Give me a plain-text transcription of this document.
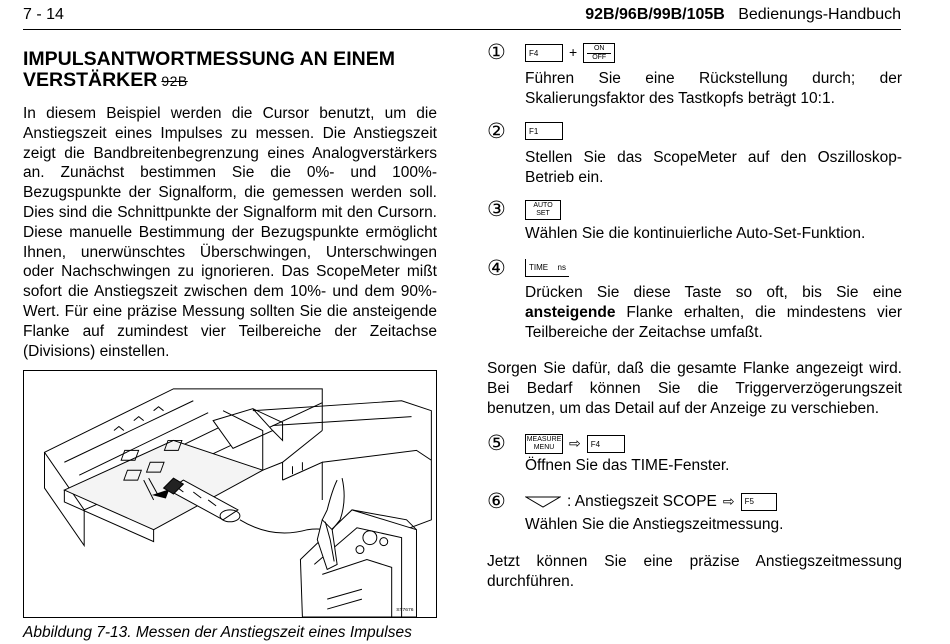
7 - 14	92B/96B/99B/105B Bedienungs-Handbuch
IMPULSANTWORTMESSUNG AN EINEM
VERSTÄRKER 92B
In diesem Beispiel werden die Cursor benutzt, um die Anstiegszeit eines Impulses zu messen. Die Anstiegszeit zeigt die Bandbreitenbegrenzung eines Analogverstärkers an. Zunächst bestimmen Sie die 0%- und 100%-Bezugspunkte der Signalform, die gemessen werden soll. Dies sind die Schnittpunkte der Signalform mit den Cursorn. Diese manuelle Bestimmung der Bezugspunkte ermöglicht Ihnen, unerwünschtes Überschwingen, Unterschwingen oder Nachschwingen zu ignorieren. Das ScopeMeter mißt sofort die Anstiegszeit zwischen dem 10%- und dem 90%-Wert. Für eine präzise Messung sollten Sie die ansteigende Flanke auf zumindest vier Teilbereiche der Zeitachse (Divisions) einstellen.
ST7676
Abbildung 7-13. Messen der Anstiegszeit eines Impulses
①	F4	+ ON
OFF
Führen Sie eine Rückstellung durch; der Skalierungsfaktor des Tastkopfs beträgt 10:1.
②	F1
Stellen Sie das ScopeMeter auf den Oszilloskop-Betrieb ein.
③	AUTO
SET
Wählen Sie die kontinuierliche Auto-Set-Funktion.
④	TIME ns
Drücken Sie diese Taste so oft, bis Sie eine ansteigende Flanke erhalten, die mindestens vier Teilbereiche der Zeitachse umfaßt.
Sorgen Sie dafür, daß die gesamte Flanke angezeigt wird. Bei Bedarf können Sie die Triggerverzögerungszeit benutzen, um das Detail auf der Anzeige zu verschieben.
⑤	MEASURE
MENU ⇨	F4
Öffnen Sie das TIME-Fenster.
⑥	: Anstiegszeit SCOPE ⇨	F5
Wählen Sie die Anstiegszeitmessung.
Jetzt können Sie eine präzise Anstiegszeitmessung durchführen.
